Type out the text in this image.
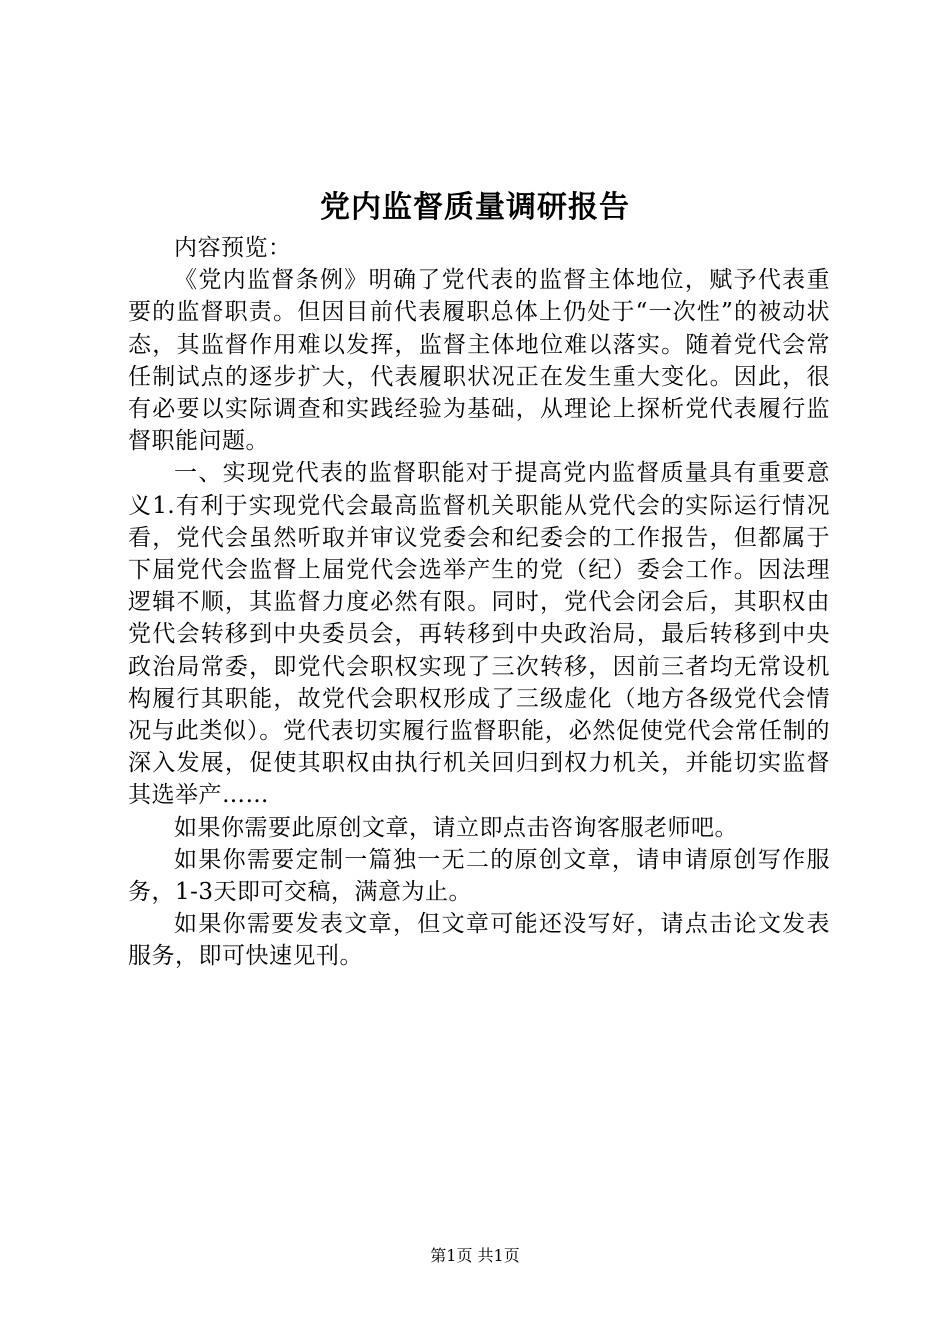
党内监督质量调研报告

内容预览：

《党内监督条例》明确了党代表的监督主体地位，赋予代表重要的监督职责。但因目前代表履职总体上仍处于“一次性”的被动状态，其监督作用难以发挥，监督主体地位难以落实。随着党代会常任制试点的逐步扩大，代表履职状况正在发生重大变化。因此，很有必要以实际调查和实践经验为基础，从理论上探析党代表履行监督职能问题。

一、实现党代表的监督职能对于提高党内监督质量具有重要意义1.有利于实现党代会最高监督机关职能从党代会的实际运行情况看，党代会虽然听取并审议党委会和纪委会的工作报告，但都属于下届党代会监督上届党代会选举产生的党（纪）委会工作。因法理逻辑不顺，其监督力度必然有限。同时，党代会闭会后，其职权由党代会转移到中央委员会，再转移到中央政治局，最后转移到中央政治局常委，即党代会职权实现了三次转移，因前三者均无常设机构履行其职能，故党代会职权形成了三级虚化（地方各级党代会情况与此类似）。党代表切实履行监督职能，必然促使党代会常任制的深入发展，促使其职权由执行机关回归到权力机关，并能切实监督其选举产……

如果你需要此原创文章，请立即点击咨询客服老师吧。

如果你需要定制一篇独一无二的原创文章，请申请原创写作服务，1-3天即可交稿，满意为止。

如果你需要发表文章，但文章可能还没写好，请点击论文发表服务，即可快速见刊。

第1页 共1页
